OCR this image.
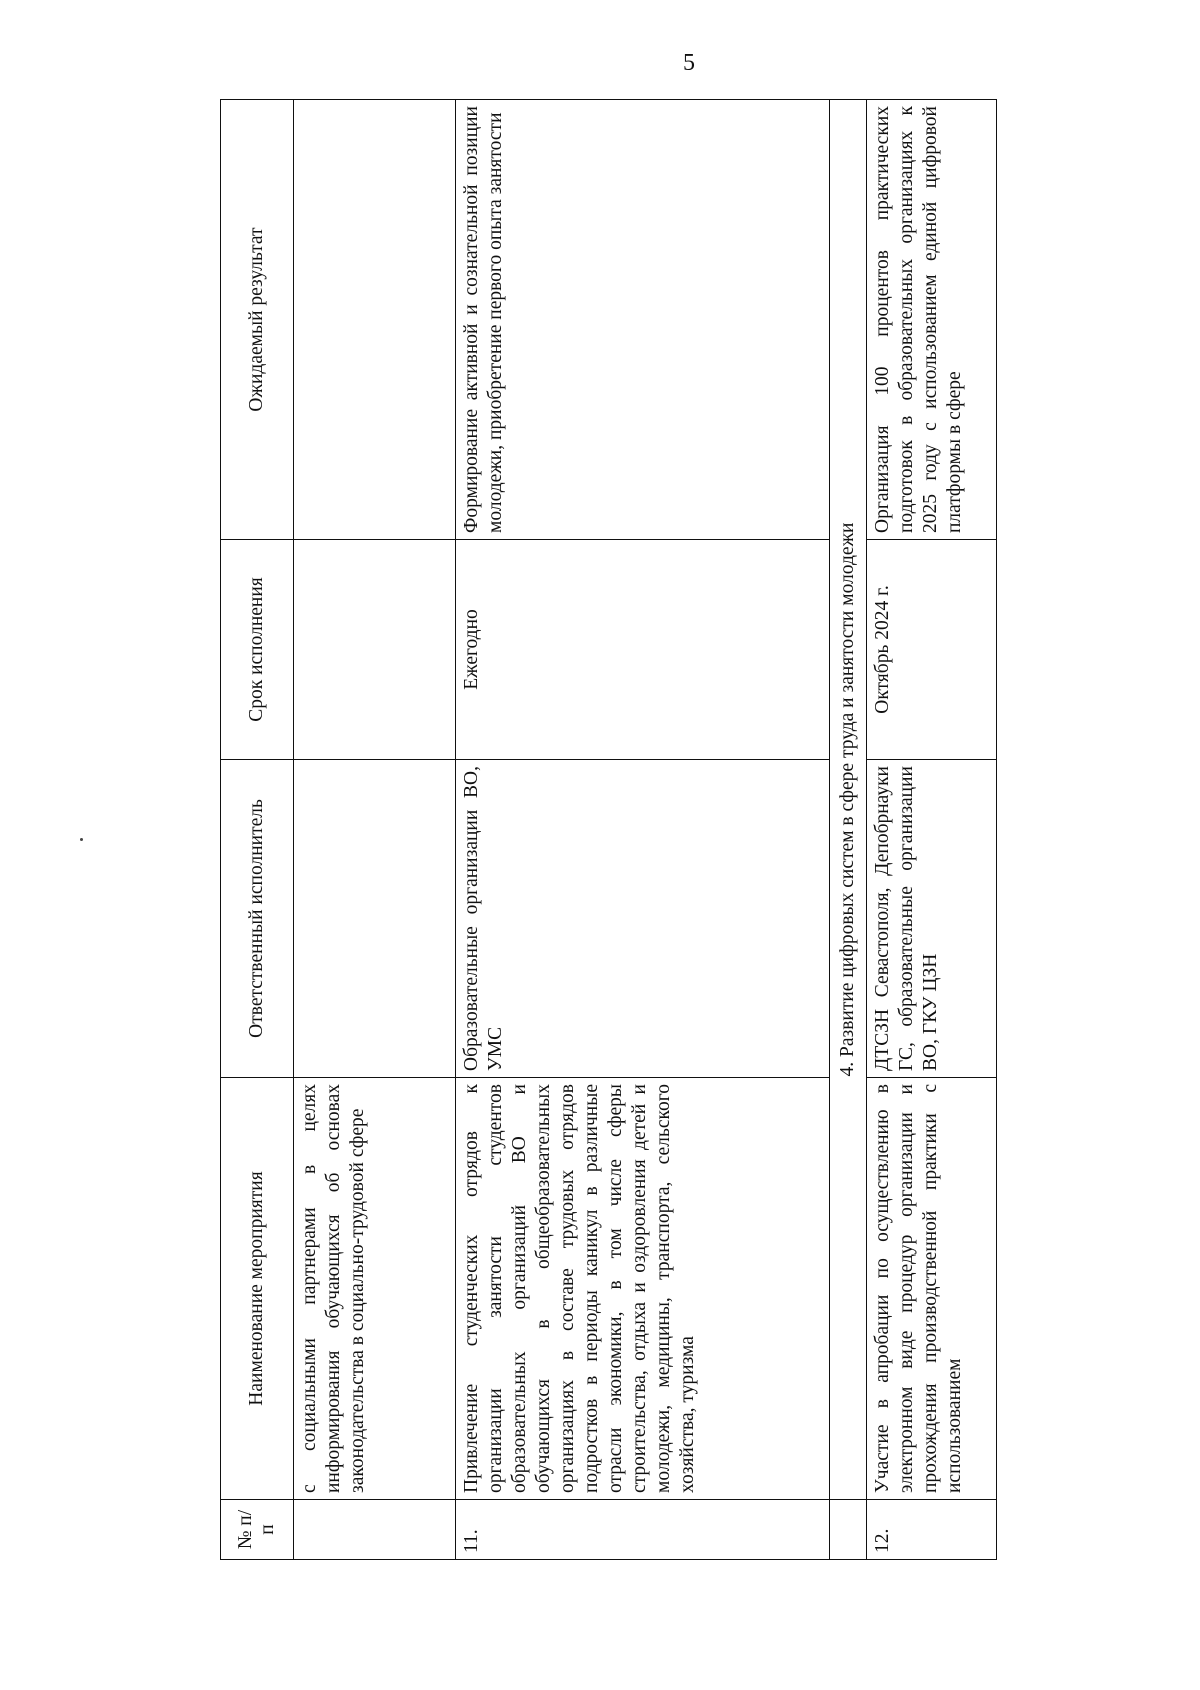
5
№ п/п	Наименование мероприятия	Ответственный исполнитель	Срок исполнения	Ожидаемый результат
	с социальными партнерами в целях информирования обучающихся об основах законодательства в социально-трудовой сфере			
11.	Привлечение студенческих отрядов к организации занятости студентов образовательных организаций ВО и обучающихся в общеобразовательных организациях в составе трудовых отрядов подростков в периоды каникул в различные отрасли экономики, в том числе сферы строительства, отдыха и оздоровления детей и молодежи, медицины, транспорта, сельского хозяйства, туризма	Образовательные организации ВО, УМС	Ежегодно	Формирование активной и сознательной позиции молодежи, приобретение первого опыта занятости
	4. Развитие цифровых систем в сфере труда и занятости молодежи			
12.	Участие в апробации по осуществлению в электронном виде процедур организации и прохождения производственной практики с использованием	ДТСЗН Севастополя, Депобрнауки ГС, образовательные организации ВО, ГКУ ЦЗН	Октябрь 2024 г.	Организация 100 процентов практических подготовок в образовательных организациях к 2025 году с использованием единой цифровой платформы в сфере
